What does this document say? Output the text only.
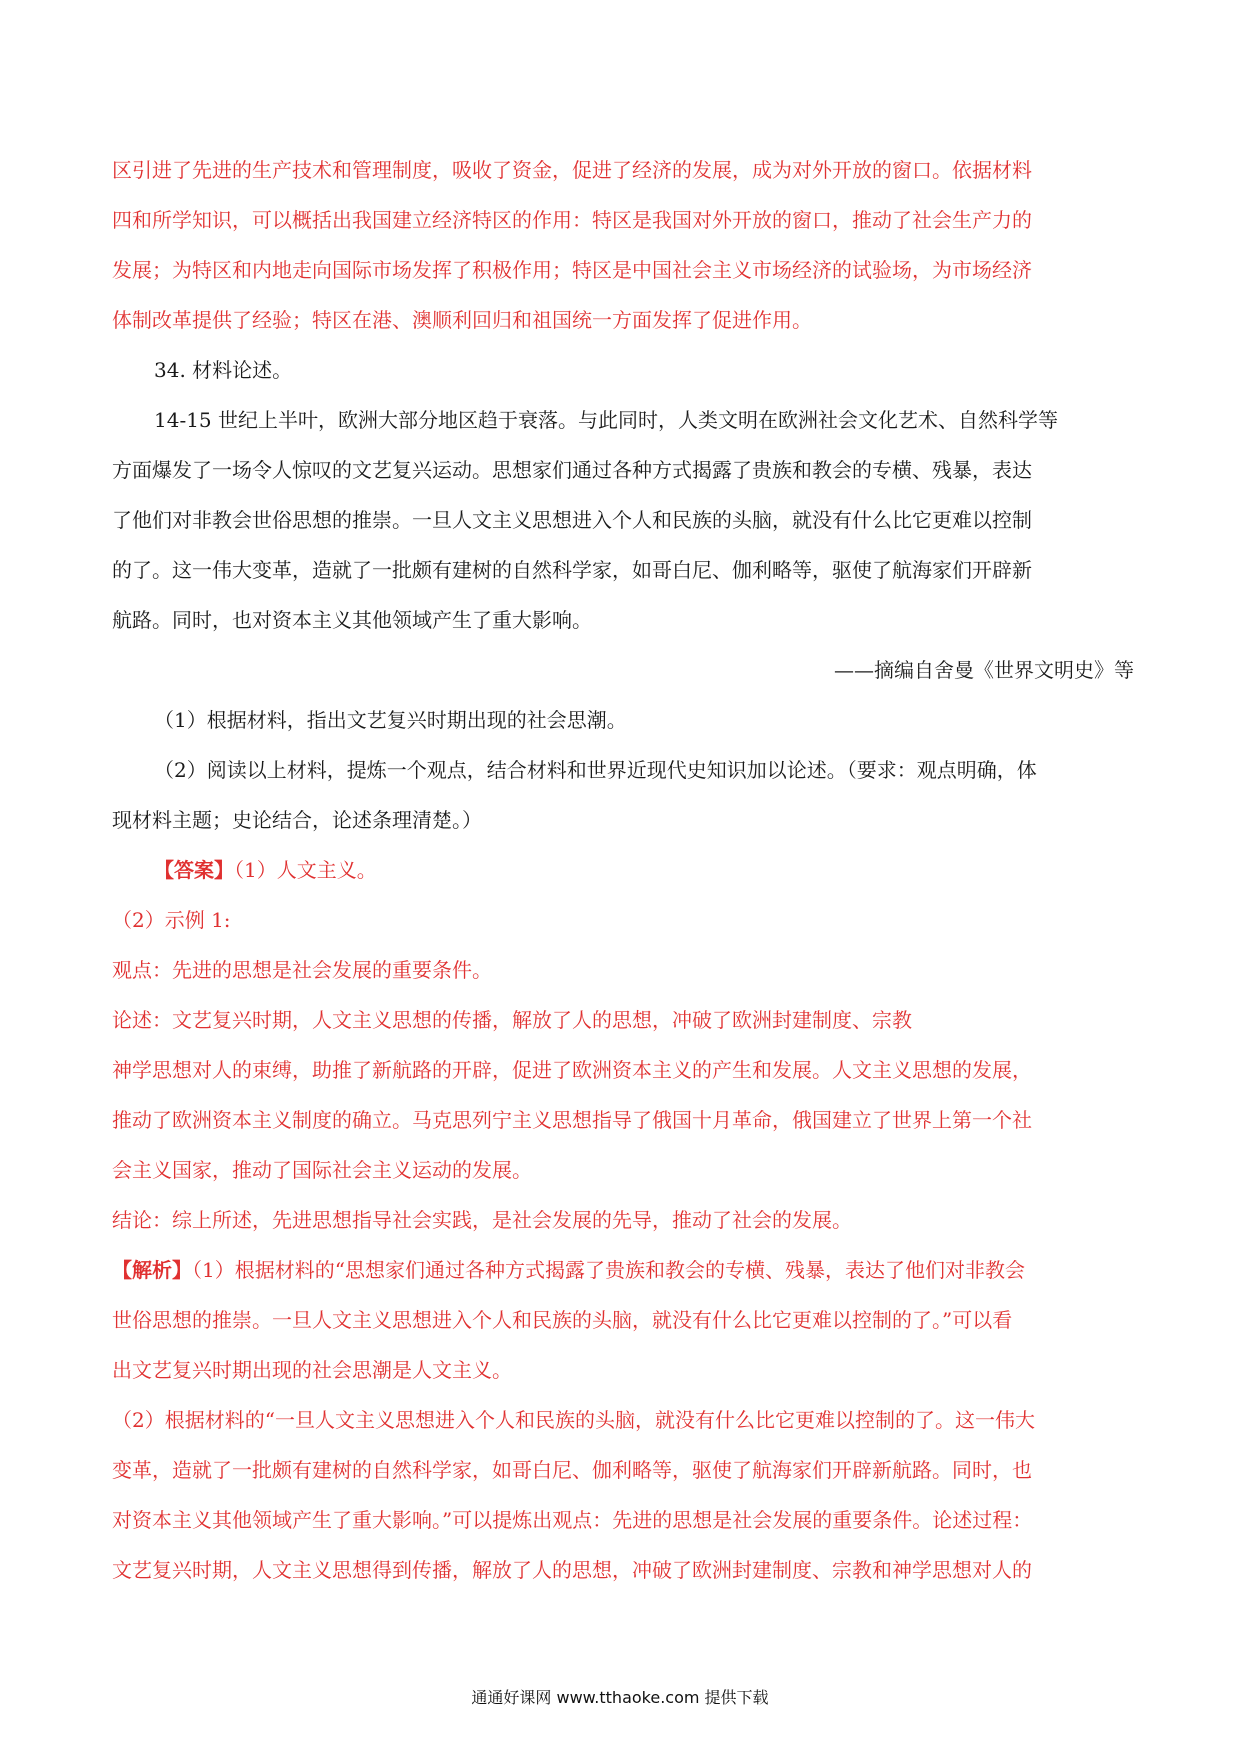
区引进了先进的生产技术和管理制度，吸收了资金，促进了经济的发展，成为对外开放的窗口。依据材料
四和所学知识，可以概括出我国建立经济特区的作用：特区是我国对外开放的窗口，推动了社会生产力的
发展；为特区和内地走向国际市场发挥了积极作用；特区是中国社会主义市场经济的试验场，为市场经济
体制改革提供了经验；特区在港、澳顺利回归和祖国统一方面发挥了促进作用。
34. 材料论述。
14-15 世纪上半叶，欧洲大部分地区趋于衰落。与此同时，人类文明在欧洲社会文化艺术、自然科学等
方面爆发了一场令人惊叹的文艺复兴运动。思想家们通过各种方式揭露了贵族和教会的专横、残暴，表达
了他们对非教会世俗思想的推崇。一旦人文主义思想进入个人和民族的头脑，就没有什么比它更难以控制
的了。这一伟大变革，造就了一批颇有建树的自然科学家，如哥白尼、伽利略等，驱使了航海家们开辟新
航路。同时，也对资本主义其他领域产生了重大影响。
——摘编自舍曼《世界文明史》等
（1）根据材料，指出文艺复兴时期出现的社会思潮。
（2）阅读以上材料，提炼一个观点，结合材料和世界近现代史知识加以论述。（要求：观点明确，体
现材料主题；史论结合，论述条理清楚。）
【答案】（1）人文主义。
（2）示例 1:
观点：先进的思想是社会发展的重要条件。
论述：文艺复兴时期，人文主义思想的传播，解放了人的思想，冲破了欧洲封建制度、宗教
神学思想对人的束缚，助推了新航路的开辟，促进了欧洲资本主义的产生和发展。人文主义思想的发展，
推动了欧洲资本主义制度的确立。马克思列宁主义思想指导了俄国十月革命，俄国建立了世界上第一个社
会主义国家，推动了国际社会主义运动的发展。
结论：综上所述，先进思想指导社会实践，是社会发展的先导，推动了社会的发展。
【解析】（1）根据材料的“思想家们通过各种方式揭露了贵族和教会的专横、残暴，表达了他们对非教会
世俗思想的推崇。一旦人文主义思想进入个人和民族的头脑，就没有什么比它更难以控制的了。”可以看
出文艺复兴时期出现的社会思潮是人文主义。
（2）根据材料的“一旦人文主义思想进入个人和民族的头脑，就没有什么比它更难以控制的了。这一伟大
变革，造就了一批颇有建树的自然科学家，如哥白尼、伽利略等，驱使了航海家们开辟新航路。同时，也
对资本主义其他领域产生了重大影响。”可以提炼出观点：先进的思想是社会发展的重要条件。论述过程：
文艺复兴时期，人文主义思想得到传播，解放了人的思想，冲破了欧洲封建制度、宗教和神学思想对人的
通通好课网 www.tthaoke.com 提供下载
